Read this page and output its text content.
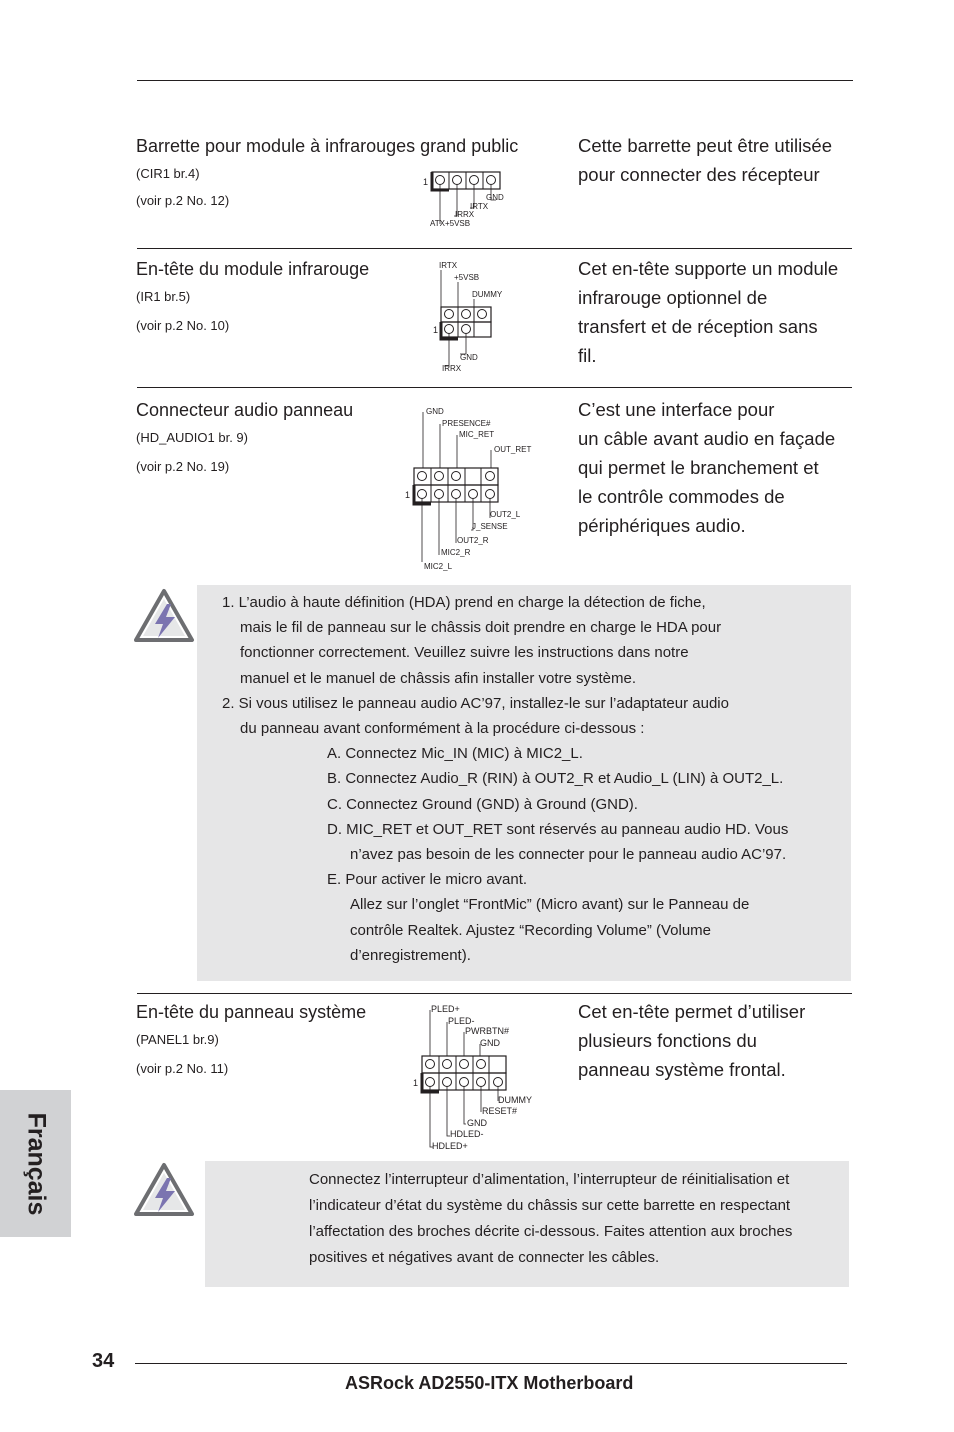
Barrette pour module à infrarouges grand public
(CIR1 br.4)
(voir p.2 No. 12)
Cette barrette peut être utilisée
pour connecter des récepteur
1
GND
IRTX
IRRX
ATX+5VSB
En-tête du module infrarouge
(IR1 br.5)
(voir p.2 No. 10)
Cet en-tête supporte un module
infrarouge optionnel de
transfert et de réception sans
fil.
IRTX
+5VSB
DUMMY
1
GND
IRRX
Connecteur audio panneau
(HD_AUDIO1 br. 9)
(voir p.2 No. 19)
C’est une interface pour
un câble avant audio en façade
qui permet le branchement et
le contrôle commodes de
périphériques audio.
GND
PRESENCE#
MIC_RET
OUT_RET
1
OUT2_L
J_SENSE
OUT2_R
MIC2_R
MIC2_L
1. L’audio à haute définition (HDA) prend en charge la détection de fiche,
mais le fil de panneau sur le châssis doit prendre en charge le HDA pour
fonctionner correctement. Veuillez suivre les instructions dans notre
manuel et le manuel de châssis afin installer votre système.
2. Si vous utilisez le panneau audio AC’97, installez-le sur l’adaptateur audio
du panneau avant conformément à la procédure ci-dessous :
A. Connectez Mic_IN (MIC) à MIC2_L.
B. Connectez Audio_R (RIN) à OUT2_R et Audio_L (LIN) à OUT2_L.
C. Connectez Ground (GND) à Ground (GND).
D. MIC_RET et OUT_RET sont réservés au panneau audio HD. Vous
n’avez pas besoin de les connecter pour le panneau audio AC’97.
E. Pour activer le micro avant.
Allez sur l’onglet “FrontMic” (Micro avant) sur le Panneau de
contrôle Realtek. Ajustez “Recording Volume” (Volume
d’enregistrement).
En-tête du panneau système
(PANEL1 br.9)
(voir p.2 No. 11)
Cet en-tête permet d’utiliser
plusieurs fonctions du
panneau système frontal.
PLED+
PLED-
PWRBTN#
GND
1
DUMMY
RESET#
GND
HDLED-
HDLED+
Connectez l’interrupteur d’alimentation, l’interrupteur de réinitialisation et
l’indicateur d’état du système du châssis sur cette barrette en respectant
l’affectation des broches décrite ci-dessous. Faites attention aux broches
positives et négatives avant de connecter les câbles.
Français
34
ASRock AD2550-ITX Motherboard
